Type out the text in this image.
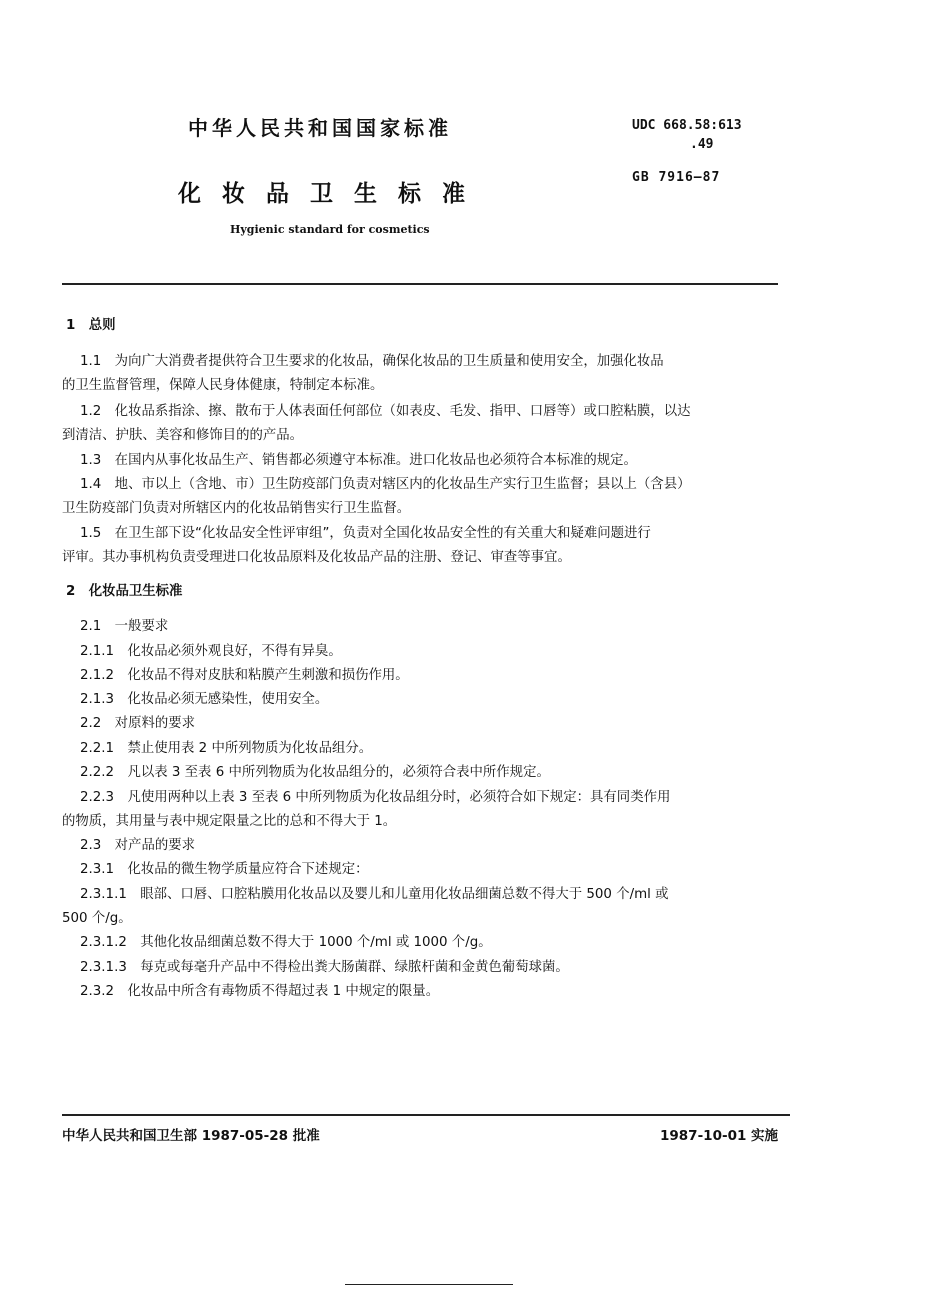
中华人民共和国国家标准
化妆品卫生标准
Hygienic standard for cosmetics
UDC 668.58:613
.49
GB 7916—87
1　总则
1.1　为向广大消费者提供符合卫生要求的化妆品，确保化妆品的卫生质量和使用安全，加强化妆品
的卫生监督管理，保障人民身体健康，特制定本标准。
1.2　化妆品系指涂、擦、散布于人体表面任何部位（如表皮、毛发、指甲、口唇等）或口腔粘膜，以达
到清洁、护肤、美容和修饰目的的产品。
1.3　在国内从事化妆品生产、销售都必须遵守本标准。进口化妆品也必须符合本标准的规定。
1.4　地、市以上（含地、市）卫生防疫部门负责对辖区内的化妆品生产实行卫生监督；县以上（含县）
卫生防疫部门负责对所辖区内的化妆品销售实行卫生监督。
1.5　在卫生部下设“化妆品安全性评审组”，负责对全国化妆品安全性的有关重大和疑难问题进行
评审。其办事机构负责受理进口化妆品原料及化妆品产品的注册、登记、审查等事宜。
2　化妆品卫生标准
2.1　一般要求
2.1.1　化妆品必须外观良好，不得有异臭。
2.1.2　化妆品不得对皮肤和粘膜产生刺激和损伤作用。
2.1.3　化妆品必须无感染性，使用安全。
2.2　对原料的要求
2.2.1　禁止使用表 2 中所列物质为化妆品组分。
2.2.2　凡以表 3 至表 6 中所列物质为化妆品组分的，必须符合表中所作规定。
2.2.3　凡使用两种以上表 3 至表 6 中所列物质为化妆品组分时，必须符合如下规定：具有同类作用
的物质，其用量与表中规定限量之比的总和不得大于 1。
2.3　对产品的要求
2.3.1　化妆品的微生物学质量应符合下述规定：
2.3.1.1　眼部、口唇、口腔粘膜用化妆品以及婴儿和儿童用化妆品细菌总数不得大于 500 个/ml 或
500 个/g。
2.3.1.2　其他化妆品细菌总数不得大于 1000 个/ml 或 1000 个/g。
2.3.1.3　每克或每毫升产品中不得检出粪大肠菌群、绿脓杆菌和金黄色葡萄球菌。
2.3.2　化妆品中所含有毒物质不得超过表 1 中规定的限量。
中华人民共和国卫生部 1987-05-28 批准	1987-10-01 实施
